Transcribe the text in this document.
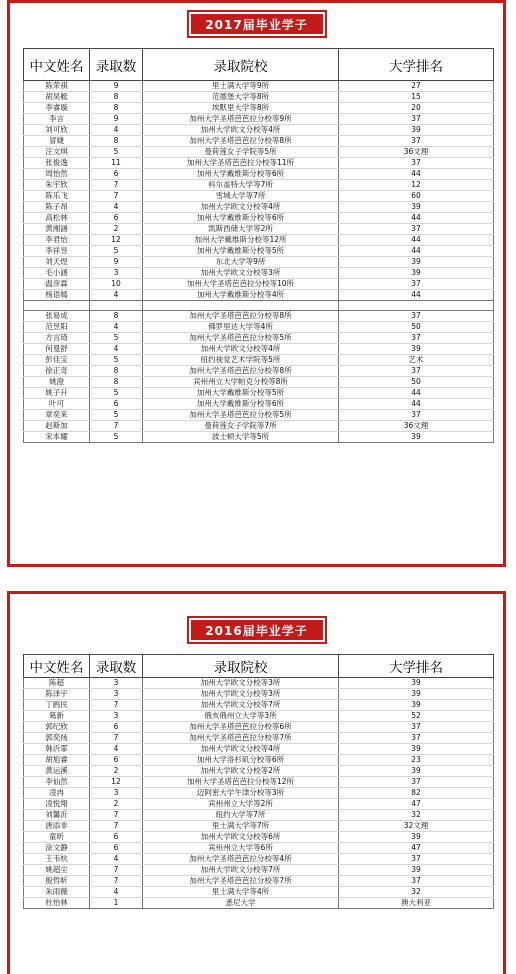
2017届毕业学子
中文姓名	录取数	录取院校	大学排名
陈荣祺	9	里士满大学等9所	27
胡昊艇	8	范德堡大学等8所	15
李睿璇	8	埃默里大学等8所	20
李言	9	加州大学圣塔芭芭拉分校等9所	37
刘可欣	4	加州大学欧文分校等4所	39
冒婕	8	加州大学圣塔芭芭拉分校等8所	37
汪文琪	5	曼荷莲女子学院等5所	36文理
张俊逸	11	加州大学圣塔芭芭拉分校等11所	37
周怡然	6	加州大学戴维斯分校等6所	44
朱宇欣	7	科尔盖特大学等7所	12
陈乐飞	7	雪城大学等7所	60
陈子昂	4	加州大学欧文分校等4所	39
高松林	6	加州大学戴维斯分校等6所	44
黄湘涵	2	凯斯西储大学等2所	37
李君怡	12	加州大学戴维斯分校等12所	44
李祥昱	5	加州大学戴维斯分校等5所	44
刘天煜	9	东北大学等9所	39
毛小涵	3	加州大学欧文分校等3所	39
温彦霖	10	加州大学圣塔芭芭拉分校等10所	37
杨语嫣	4	加州大学戴维斯分校等4所	44

张易成	8	加州大学圣塔芭芭拉分校等8所	37
范昱阳	4	佛罗里达大学等4所	50
方言琦	5	加州大学圣塔芭芭拉分校等5所	37
何曼舒	4	加州大学欧文分校等4所	39
彭佳宝	5	纽约视觉艺术学院等5所	艺术
徐正奇	8	加州大学圣塔芭芭拉分校等8所	37
姚澄	8	宾州州立大学帕克分校等8所	50
姚子升	5	加州大学戴维斯分校等5所	44
叶可	6	加州大学戴维斯分校等6所	44
章奕来	5	加州大学圣塔芭芭拉分校等5所	37
赵斯加	7	曼荷莲女子学院等7所	36文理
宋本耀	5	波士顿大学等5所	39
2016届毕业学子
中文姓名	录取数	录取院校	大学排名
陈超	3	加州大学欧文分校等3所	39
陈泽宇	3	加州大学欧文分校等3所	39
丁鸥民	7	加州大学欧文分校等7所	39
葛新	3	俄亥俄州立大学等3所	52
郭纪欣	6	加州大学圣塔芭芭拉分校等6所	37
郭奕扬	7	加州大学圣塔芭芭拉分校等7所	37
韩沂霏	4	加州大学欧文分校等4所	39
胡旭睿	6	加州大学洛杉矶分校等6所	23
黄运溪	2	加州大学欧文分校等2所	39
李仙然	12	加州大学圣塔芭芭拉分校等12所	37
凌冉	3	迈阿密大学牛津分校等3所	82
凌悦翔	2	宾州州立大学等2所	47
刘馨沂	7	纽约大学等7所	32
唐添非	7	里士满大学等7所	32文理
童昕	6	加州大学欧文分校等6所	39
涂文静	6	宾州州立大学等6所	47
王韦杭	4	加州大学圣塔芭芭拉分校等4所	37
姚超尘	7	加州大学欧文分校等7所	39
殷哲昕	7	加州大学圣塔芭芭拉分校等7所	37
朱雨薇	4	里士满大学等4所	32
杜怡林	1	悉尼大学	澳大利亚
